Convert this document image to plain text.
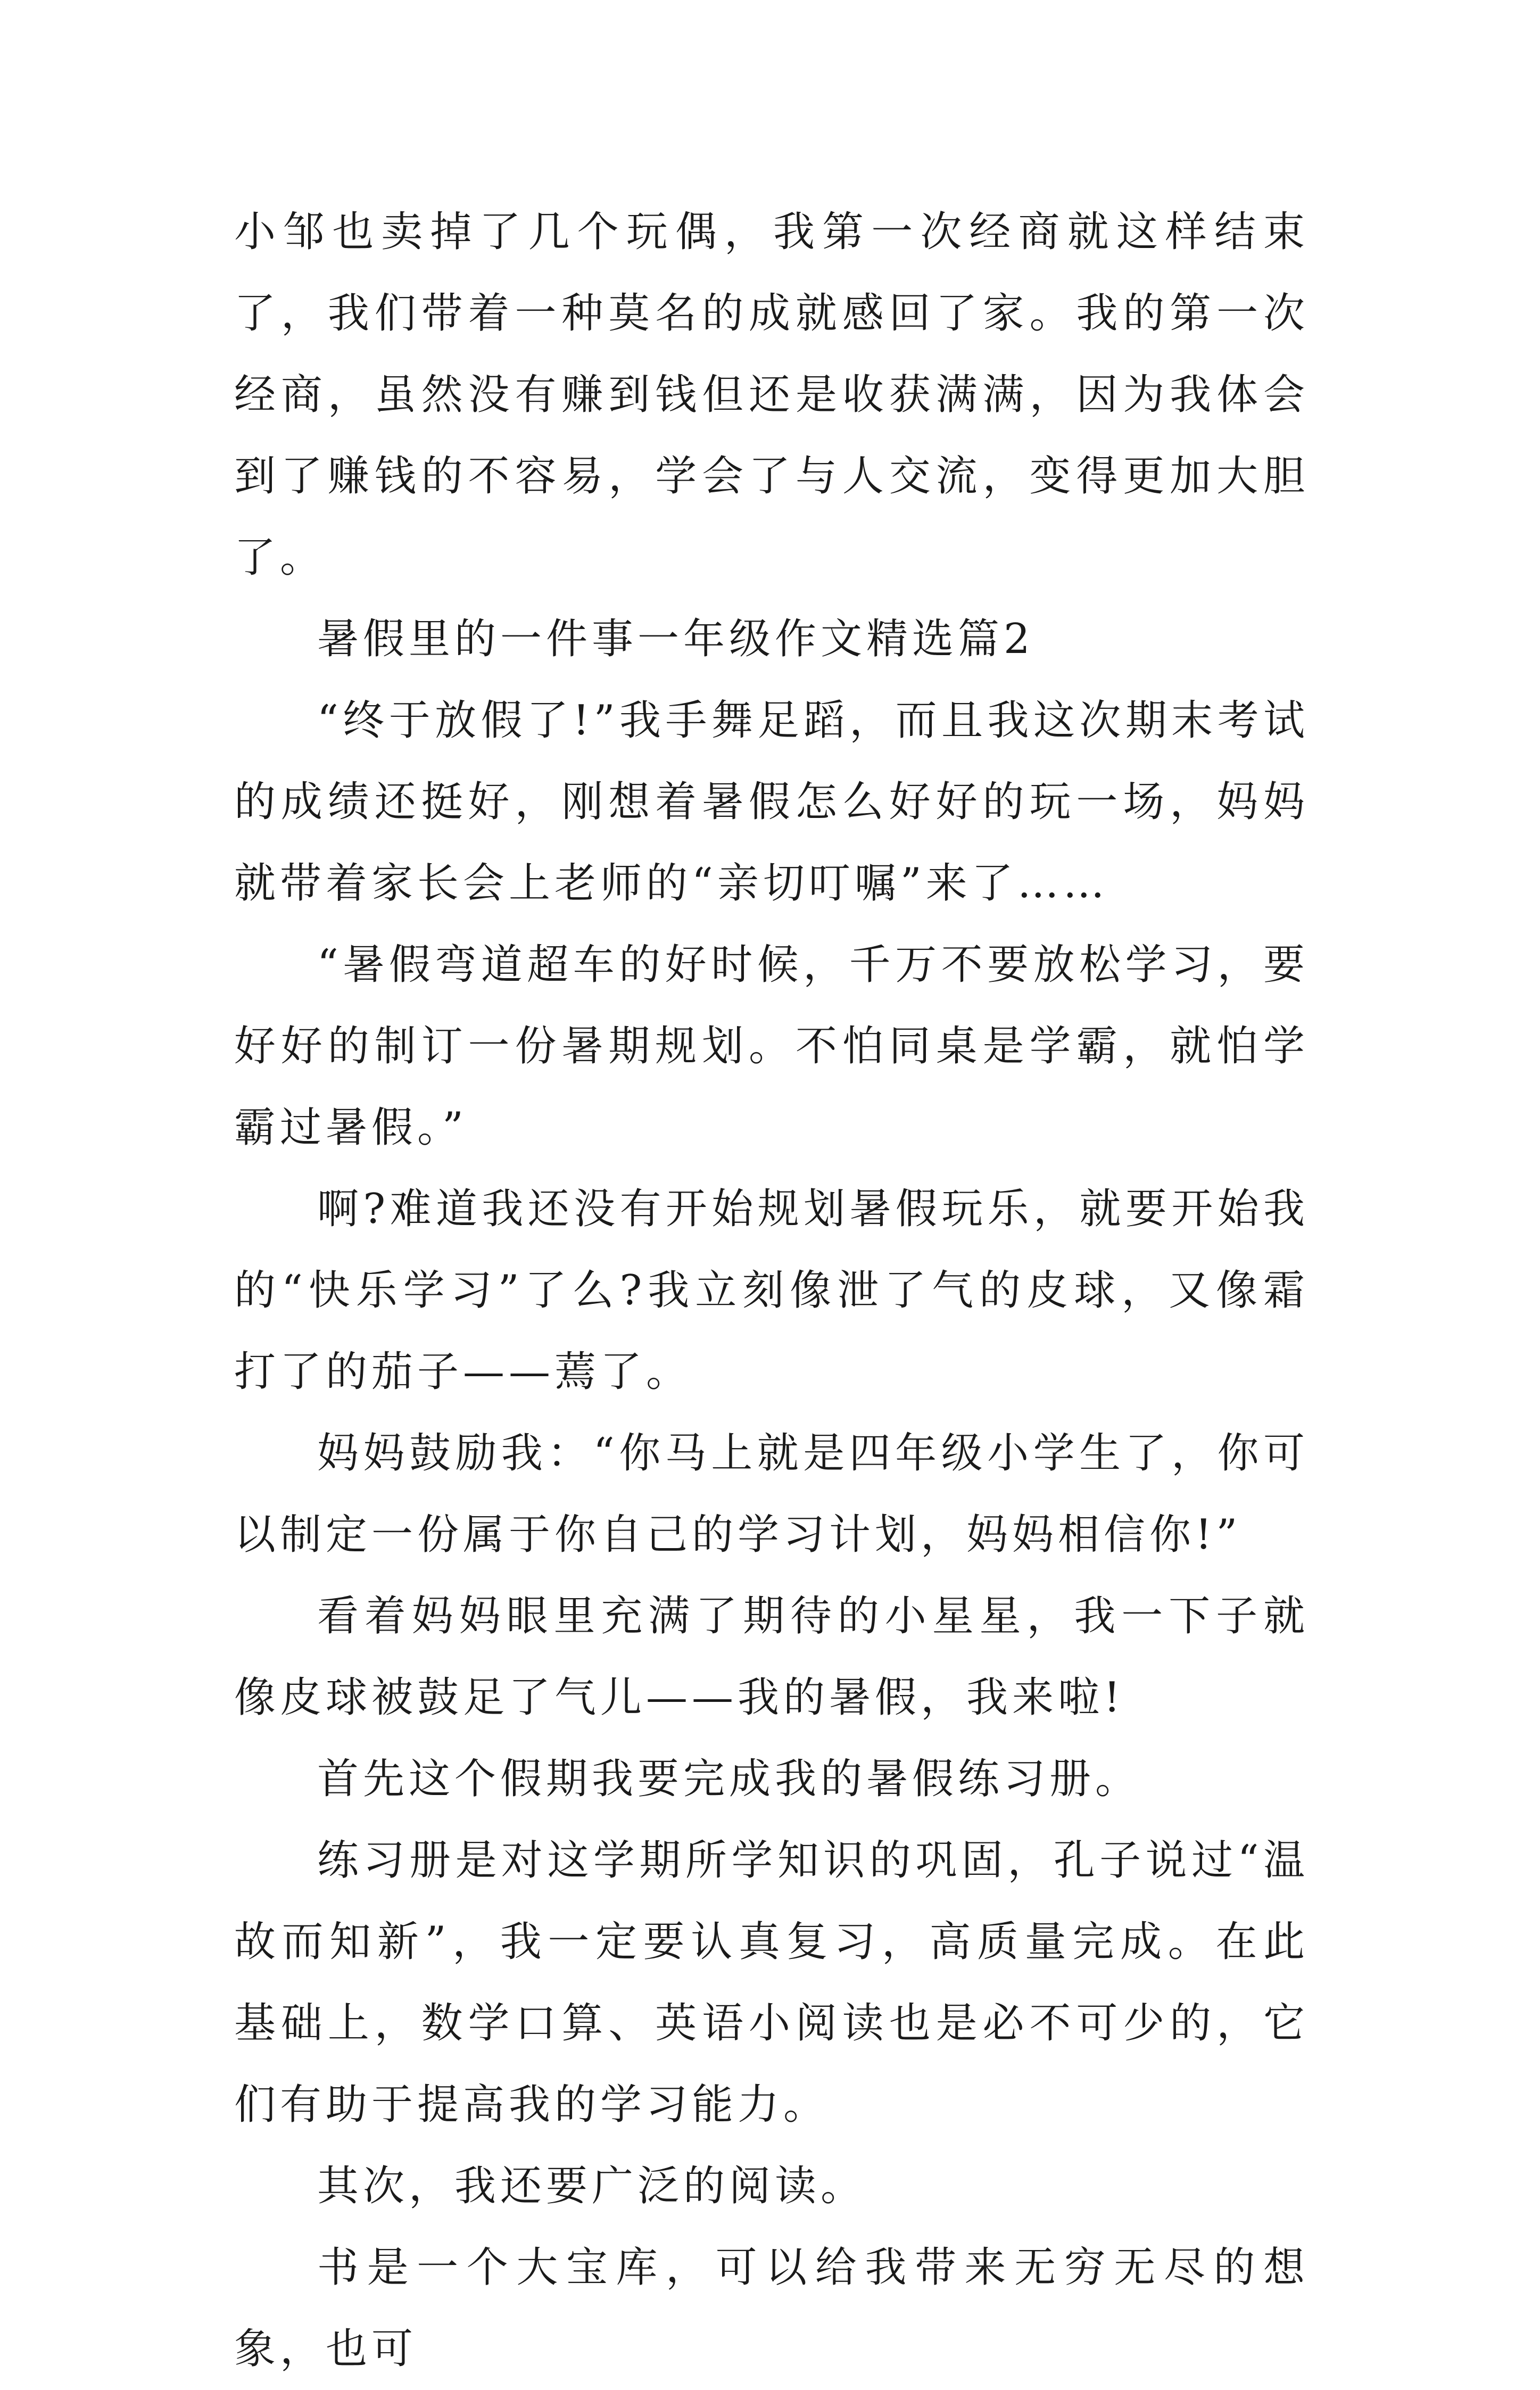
小邹也卖掉了几个玩偶，我第一次经商就这样结束了，我们带着一种莫名的成就感回了家。我的第一次经商，虽然没有赚到钱但还是收获满满，因为我体会到了赚钱的不容易，学会了与人交流，变得更加大胆了。

暑假里的一件事一年级作文精选篇2

“终于放假了!”我手舞足蹈，而且我这次期末考试的成绩还挺好，刚想着暑假怎么好好的玩一场，妈妈就带着家长会上老师的“亲切叮嘱”来了……

“暑假弯道超车的好时候，千万不要放松学习，要好好的制订一份暑期规划。不怕同桌是学霸，就怕学霸过暑假。”

啊?难道我还没有开始规划暑假玩乐，就要开始我的“快乐学习”了么?我立刻像泄了气的皮球，又像霜打了的茄子——蔫了。

妈妈鼓励我：“你马上就是四年级小学生了，你可以制定一份属于你自己的学习计划，妈妈相信你!”

看着妈妈眼里充满了期待的小星星，我一下子就像皮球被鼓足了气儿——我的暑假，我来啦!

首先这个假期我要完成我的暑假练习册。

练习册是对这学期所学知识的巩固，孔子说过“温故而知新”，我一定要认真复习，高质量完成。在此基础上，数学口算、英语小阅读也是必不可少的，它们有助于提高我的学习能力。

其次，我还要广泛的阅读。

书是一个大宝库，可以给我带来无穷无尽的想象，也可
